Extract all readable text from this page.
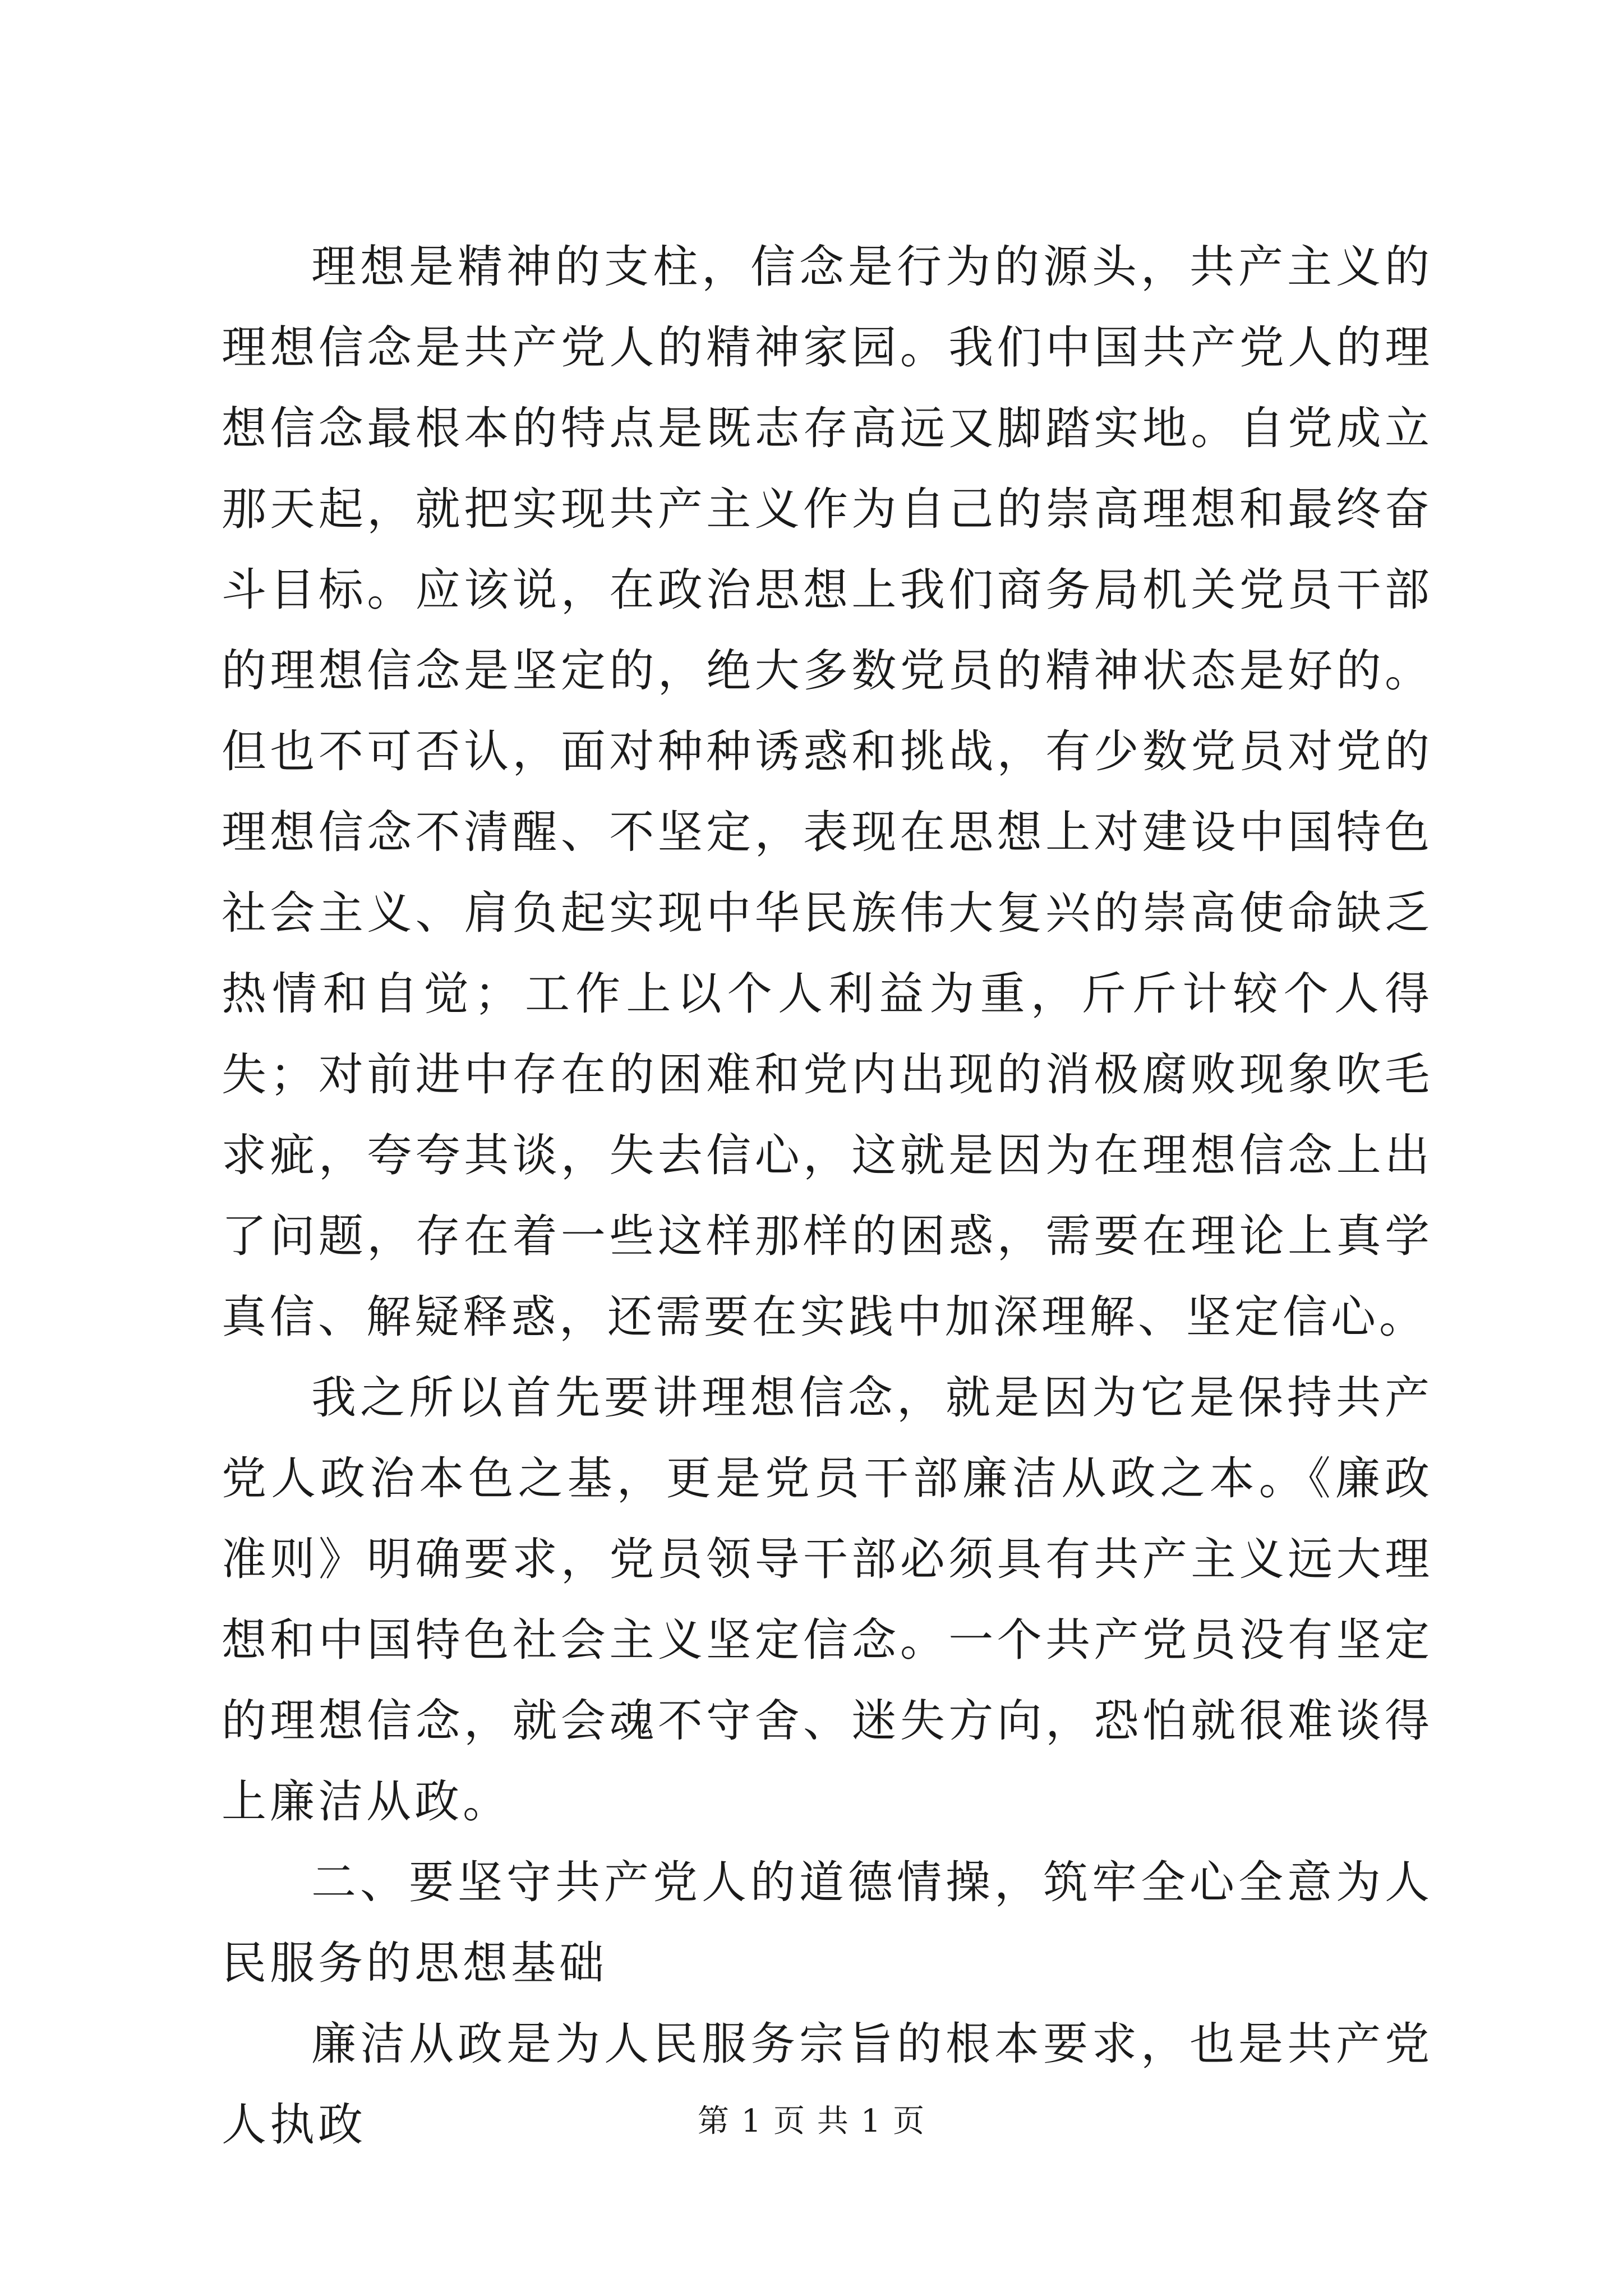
理想是精神的支柱，信念是行为的源头，共产主义的理想信念是共产党人的精神家园。我们中国共产党人的理想信念最根本的特点是既志存高远又脚踏实地。自党成立那天起，就把实现共产主义作为自己的崇高理想和最终奋斗目标。应该说，在政治思想上我们商务局机关党员干部的理想信念是坚定的，绝大多数党员的精神状态是好的。但也不可否认，面对种种诱惑和挑战，有少数党员对党的理想信念不清醒、不坚定，表现在思想上对建设中国特色社会主义、肩负起实现中华民族伟大复兴的崇高使命缺乏热情和自觉；工作上以个人利益为重，斤斤计较个人得失；对前进中存在的困难和党内出现的消极腐败现象吹毛求疵，夸夸其谈，失去信心，这就是因为在理想信念上出了问题，存在着一些这样那样的困惑，需要在理论上真学真信、解疑释惑，还需要在实践中加深理解、坚定信心。

我之所以首先要讲理想信念，就是因为它是保持共产党人政治本色之基，更是党员干部廉洁从政之本。《廉政准则》明确要求，党员领导干部必须具有共产主义远大理想和中国特色社会主义坚定信念。一个共产党员没有坚定的理想信念，就会魂不守舍、迷失方向，恐怕就很难谈得上廉洁从政。

二、要坚守共产党人的道德情操，筑牢全心全意为人民服务的思想基础

廉洁从政是为人民服务宗旨的根本要求，也是共产党人执政	第 1 页 共 1 页
